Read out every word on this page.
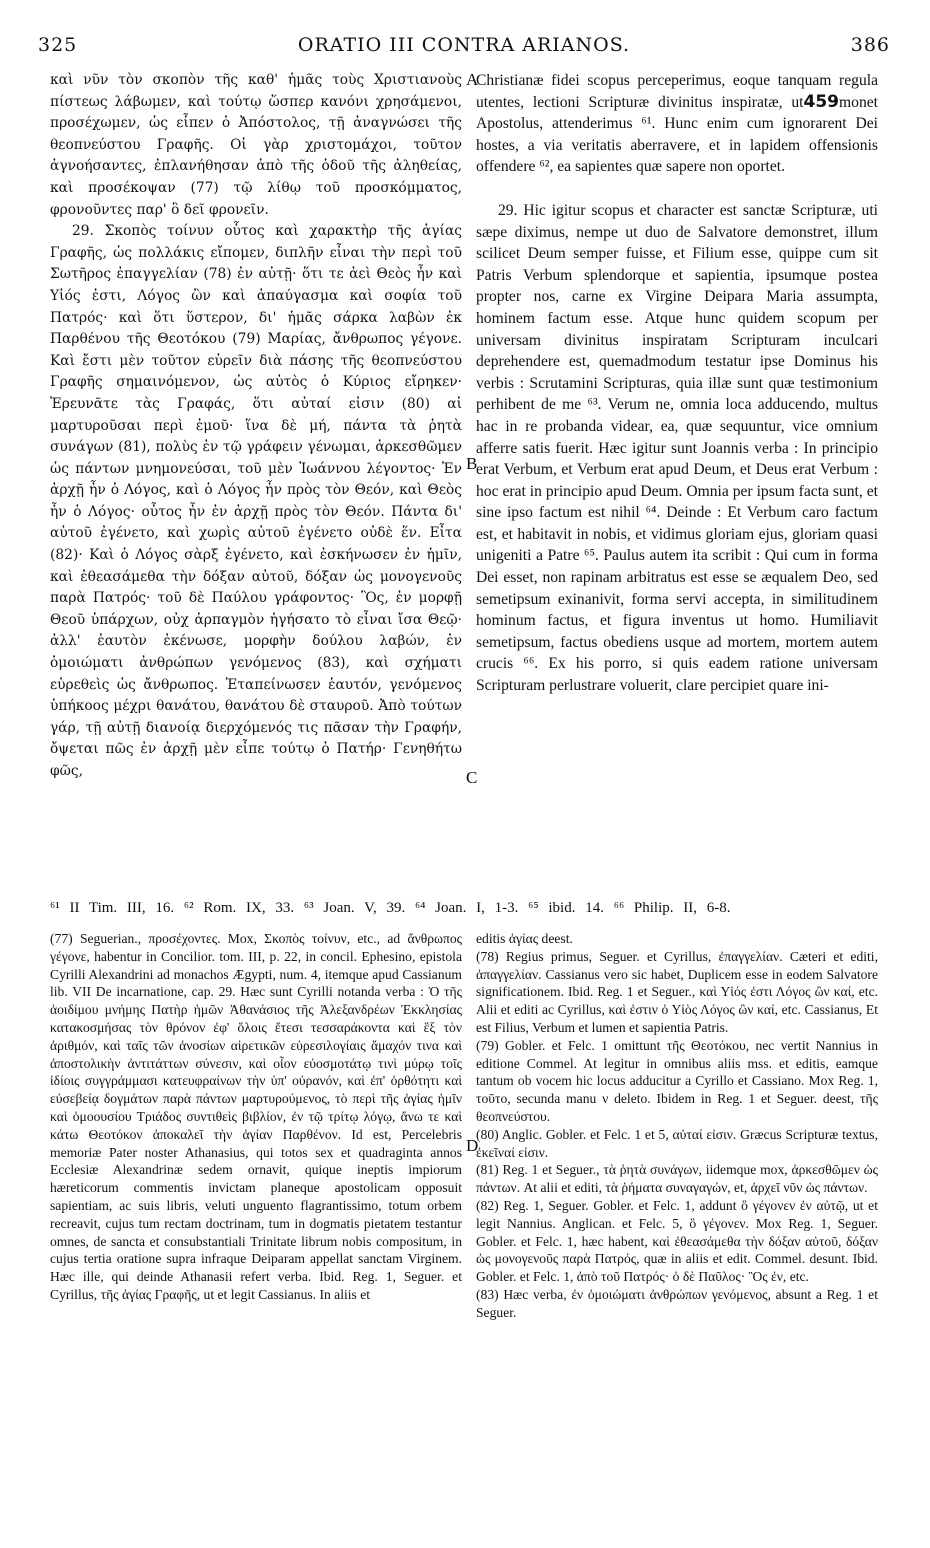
325	ORATIO III CONTRA ARIANOS.	386

καὶ νῦν τὸν σκοπὸν τῆς καθ' ἡμᾶς τοὺς Χριστιανοὺς πίστεως λάβωμεν, καὶ τούτῳ ὥσπερ κανόνι χρησάμενοι, προσέχωμεν, ὡς εἶπεν ὁ Ἀπόστολος, τῇ ἀναγνώσει τῆς θεοπνεύστου Γραφῆς. Οἱ γὰρ χριστομάχοι, τοῦτον ἀγνοήσαντες, ἐπλανήθησαν ἀπὸ τῆς ὁδοῦ τῆς ἀληθείας, καὶ προσέκοψαν (77) τῷ λίθῳ τοῦ προσκόμματος, φρονοῦντες παρ' ὃ δεῖ φρονεῖν.

29. Σκοπὸς τοίνυν οὗτος καὶ χαρακτὴρ τῆς ἁγίας Γραφῆς, ὡς πολλάκις εἴπομεν, διπλῆν εἶναι τὴν περὶ τοῦ Σωτῆρος ἐπαγγελίαν (78) ἐν αὐτῇ· ὅτι τε ἀεὶ Θεὸς ἦν καὶ Υἱός ἐστι, Λόγος ὢν καὶ ἀπαύγασμα καὶ σοφία τοῦ Πατρός· καὶ ὅτι ὕστερον, δι' ἡμᾶς σάρκα λαβὼν ἐκ Παρθένου τῆς Θεοτόκου (79) Μαρίας, ἄνθρωπος γέγονε. Καὶ ἔστι μὲν τοῦτον εὑρεῖν διὰ πάσης τῆς θεοπνεύστου Γραφῆς σημαινόμενον, ὡς αὐτὸς ὁ Κύριος εἴρηκεν· Ἐρευνᾶτε τὰς Γραφάς, ὅτι αὐταί εἰσιν (80) αἱ μαρτυροῦσαι περὶ ἐμοῦ· ἵνα δὲ μή, πάντα τὰ ῥητὰ συνάγων (81), πολὺς ἐν τῷ γράφειν γένωμαι, ἀρκεσθῶμεν ὡς πάντων μνημονεύσαι, τοῦ μὲν Ἰωάννου λέγοντος· Ἐν ἀρχῇ ἦν ὁ Λόγος, καὶ ὁ Λόγος ἦν πρὸς τὸν Θεόν, καὶ Θεὸς ἦν ὁ Λόγος· οὗτος ἦν ἐν ἀρχῇ πρὸς τὸν Θεόν. Πάντα δι' αὐτοῦ ἐγένετο, καὶ χωρὶς αὐτοῦ ἐγένετο οὐδὲ ἕν. Εἶτα (82)· Καὶ ὁ Λόγος σὰρξ ἐγένετο, καὶ ἐσκήνωσεν ἐν ἡμῖν, καὶ ἐθεασάμεθα τὴν δόξαν αὐτοῦ, δόξαν ὡς μονογενοῦς παρὰ Πατρός· τοῦ δὲ Παύλου γράφοντος· Ὃς, ἐν μορφῇ Θεοῦ ὑπάρχων, οὐχ ἁρπαγμὸν ἡγήσατο τὸ εἶναι ἴσα Θεῷ· ἀλλ' ἑαυτὸν ἐκένωσε, μορφὴν δούλου λαβών, ἐν ὁμοιώματι ἀνθρώπων γενόμενος (83), καὶ σχήματι εὑρεθεὶς ὡς ἄνθρωπος. Ἐταπείνωσεν ἑαυτόν, γενόμενος ὑπήκοος μέχρι θανάτου, θανάτου δὲ σταυροῦ. Ἀπὸ τούτων γάρ, τῇ αὐτῇ διανοίᾳ διερχόμενός τις πᾶσαν τὴν Γραφήν, ὄψεται πῶς ἐν ἀρχῇ μὲν εἶπε τούτῳ ὁ Πατήρ· Γενηθήτω φῶς,

A
B
C
D

Christianæ fidei scopus perceperimus, eoque tanquam regula utentes, lectioni Scripturæ divinitus inspiratæ, ut459monet Apostolus, attenderimus ⁶¹. Hunc enim cum ignorarent Dei hostes, a via veritatis aberravere, et in lapidem offensionis offendere ⁶², ea sapientes quæ sapere non oportet.

29. Hic igitur scopus et character est sanctæ Scripturæ, uti sæpe diximus, nempe ut duo de Salvatore demonstret, illum scilicet Deum semper fuisse, et Filium esse, quippe cum sit Patris Verbum splendorque et sapientia, ipsumque postea propter nos, carne ex Virgine Deipara Maria assumpta, hominem factum esse. Atque hunc quidem scopum per universam divinitus inspiratam Scripturam inculcari deprehendere est, quemadmodum testatur ipse Dominus his verbis : Scrutamini Scripturas, quia illæ sunt quæ testimonium perhibent de me ⁶³. Verum ne, omnia loca adducendo, multus hac in re probanda videar, ea, quæ sequuntur, vice omnium afferre satis fuerit. Hæc igitur sunt Joannis verba : In principio erat Verbum, et Verbum erat apud Deum, et Deus erat Verbum : hoc erat in principio apud Deum. Omnia per ipsum facta sunt, et sine ipso factum est nihil ⁶⁴. Deinde : Et Verbum caro factum est, et habitavit in nobis, et vidimus gloriam ejus, gloriam quasi unigeniti a Patre ⁶⁵. Paulus autem ita scribit : Qui cum in forma Dei esset, non rapinam arbitratus est esse se æqualem Deo, sed semetipsum exinanivit, forma servi accepta, in similitudinem hominum factus, et figura inventus ut homo. Humiliavit semetipsum, factus obediens usque ad mortem, mortem autem crucis ⁶⁶. Ex his porro, si quis eadem ratione universam Scripturam perlustrare voluerit, clare percipiet quare ini-

⁶¹ II Tim. III, 16. ⁶² Rom. IX, 33. ⁶³ Joan. V, 39. ⁶⁴ Joan. I, 1-3. ⁶⁵ ibid. 14. ⁶⁶ Philip. II, 6-8.

(77) Seguerian., προσέχοντες. Mox, Σκοπὸς τοίνυν, etc., ad ἄνθρωπος γέγονε, habentur in Concilior. tom. III, p. 22, in concil. Ephesino, epistola Cyrilli Alexandrini ad monachos Ægypti, num. 4, itemque apud Cassianum lib. VII De incarnatione, cap. 29. Hæc sunt Cyrilli notanda verba : Ὁ τῆς ἀοιδίμου μνήμης Πατὴρ ἡμῶν Ἀθανάσιος τῆς Ἀλεξανδρέων Ἐκκλησίας κατακοσμήσας τὸν θρόνον ἐφ' ὅλοις ἔτεσι τεσσαράκοντα καὶ ἓξ τὸν ἀριθμόν, καὶ ταῖς τῶν ἀνοσίων αἱρετικῶν εὑρεσιλογίαις ἄμαχόν τινα καὶ ἀποστολικὴν ἀντιτάττων σύνεσιν, καὶ οἷον εὐοσμοτάτῳ τινὶ μύρῳ τοῖς ἰδίοις συγγράμμασι κατευφραίνων τὴν ὑπ' οὐρανόν, καὶ ἐπ' ὀρθότητι καὶ εὐσεβείᾳ δογμάτων παρὰ πάντων μαρτυρούμενος, τὸ περὶ τῆς ἁγίας ἡμῖν καὶ ὁμοουσίου Τριάδος συντιθεὶς βιβλίον, ἐν τῷ τρίτῳ λόγῳ, ἄνω τε καὶ κάτω Θεοτόκον ἀποκαλεῖ τὴν ἁγίαν Παρθένον. Id est, Percelebris memoriæ Pater noster Athanasius, qui totos sex et quadraginta annos Ecclesiæ Alexandrinæ sedem ornavit, quique ineptis impiorum hæreticorum commentis invictam planeque apostolicam opposuit sapientiam, ac suis libris, veluti unguento flagrantissimo, totum orbem recreavit, cujus tum rectam doctrinam, tum in dogmatis pietatem testantur omnes, de sancta et consubstantiali Trinitate librum nobis compositum, in cujus tertia oratione supra infraque Deiparam appellat sanctam Virginem. Hæc ille, qui deinde Athanasii refert verba. Ibid. Reg. 1, Seguer. et Cyrillus, τῆς ἁγίας Γραφῆς, ut et legit Cassianus. In aliis et

editis ἁγίας deest.

(78) Regius primus, Seguer. et Cyrillus, ἐπαγγελίαν. Cæteri et editi, ἀπαγγελίαν. Cassianus vero sic habet, Duplicem esse in eodem Salvatore significationem. Ibid. Reg. 1 et Seguer., καὶ Υἱός ἐστι Λόγος ὢν καί, etc. Alii et editi ac Cyrillus, καὶ ἐστιν ὁ Υἱὸς Λόγος ὢν καί, etc. Cassianus, Et est Filius, Verbum et lumen et sapientia Patris.

(79) Gobler. et Felc. 1 omittunt τῆς Θεοτόκου, nec vertit Nannius in editione Commel. At legitur in omnibus aliis mss. et editis, eamque tantum ob vocem hic locus adducitur a Cyrillo et Cassiano. Mox Reg. 1, τοῦτο, secunda manu ν deleto. Ibidem in Reg. 1 et Seguer. deest, τῆς θεοπνεύστου.

(80) Anglic. Gobler. et Felc. 1 et 5, αὐταί εἰσιν. Græcus Scripturæ textus, ἐκεῖναί εἰσιν.

(81) Reg. 1 et Seguer., τὰ ῥητὰ συνάγων, iidemque mox, ἀρκεσθῶμεν ὡς πάντων. At alii et editi, τὰ ῥήματα συναγαγών, et, ἀρχεῖ νῦν ὡς πάντων.

(82) Reg. 1, Seguer. Gobler. et Felc. 1, addunt ὃ γέγονεν ἐν αὐτῷ, ut et legit Nannius. Anglican. et Felc. 5, ὃ γέγονεν. Mox Reg. 1, Seguer. Gobler. et Felc. 1, hæc habent, καὶ ἐθεασάμεθα τὴν δόξαν αὐτοῦ, δόξαν ὡς μονογενοῦς παρὰ Πατρός, quæ in aliis et edit. Commel. desunt. Ibid. Gobler. et Felc. 1, ἀπὸ τοῦ Πατρός· ὁ δὲ Παῦλος· Ὃς ἐν, etc.

(83) Hæc verba, ἐν ὁμοιώματι ἀνθρώπων γενόμενος, absunt a Reg. 1 et Seguer.
